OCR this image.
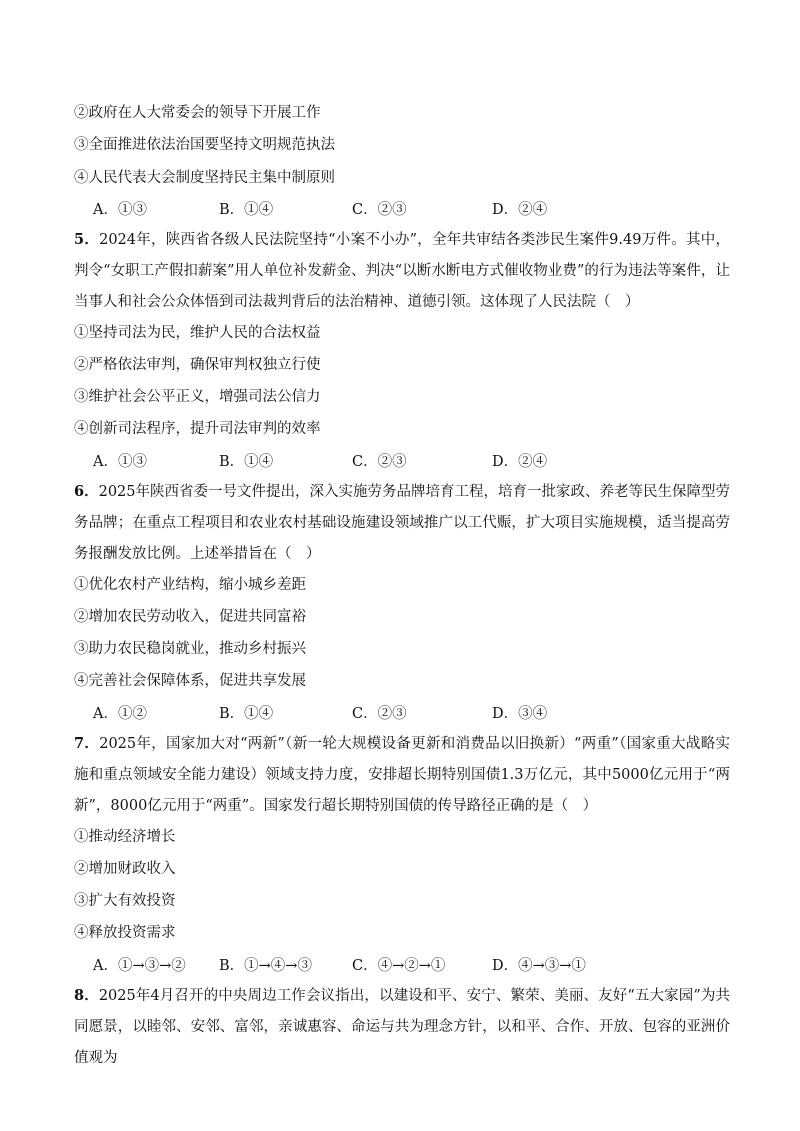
②政府在人大常委会的领导下开展工作
③全面推进依法治国要坚持文明规范执法
④人民代表大会制度坚持民主集中制原则
A．①③	B．①④	C．②③	D．②④
5．2024年，陕西省各级人民法院坚持“小案不小办”，全年共审结各类涉民生案件9.49万件。其中，判令“女职工产假扣薪案”用人单位补发薪金、判决“以断水断电方式催收物业费”的行为违法等案件，让当事人和社会公众体悟到司法裁判背后的法治精神、道德引领。这体现了人民法院（　）
①坚持司法为民，维护人民的合法权益
②严格依法审判，确保审判权独立行使
③维护社会公平正义，增强司法公信力
④创新司法程序，提升司法审判的效率
A．①③	B．①④	C．②③	D．②④
6．2025年陕西省委一号文件提出，深入实施劳务品牌培育工程，培育一批家政、养老等民生保障型劳务品牌；在重点工程项目和农业农村基础设施建设领域推广以工代赈，扩大项目实施规模，适当提高劳务报酬发放比例。上述举措旨在（　）
①优化农村产业结构，缩小城乡差距
②增加农民劳动收入，促进共同富裕
③助力农民稳岗就业，推动乡村振兴
④完善社会保障体系，促进共享发展
A．①②	B．①④	C．②③	D．③④
7．2025年，国家加大对“两新”（新一轮大规模设备更新和消费品以旧换新）“两重”（国家重大战略实施和重点领域安全能力建设）领域支持力度，安排超长期特别国债1.3万亿元，其中5000亿元用于“两新”，8000亿元用于“两重”。国家发行超长期特别国债的传导路径正确的是（　）
①推动经济增长
②增加财政收入
③扩大有效投资
④释放投资需求
A．①→③→② B．①→④→③	C．④→②→①	D．④→③→①
8．2025年4月召开的中央周边工作会议指出，以建设和平、安宁、繁荣、美丽、友好“五大家园”为共同愿景，以睦邻、安邻、富邻，亲诚惠容、命运与共为理念方针，以和平、合作、开放、包容的亚洲价值观为
